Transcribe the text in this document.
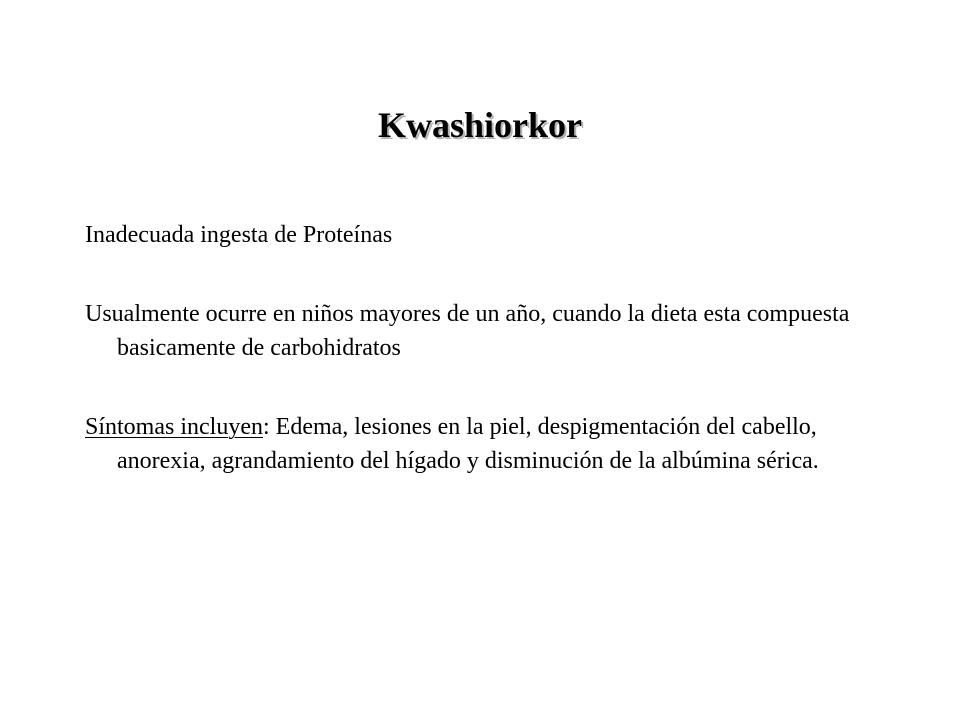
Kwashiorkor

Inadecuada ingesta de Proteínas

Usualmente ocurre en niños mayores de un año, cuando la dieta esta compuesta basicamente de carbohidratos

Síntomas incluyen: Edema, lesiones en la piel, despigmentación del cabello, anorexia, agrandamiento del hígado y disminución de la albúmina sérica.
